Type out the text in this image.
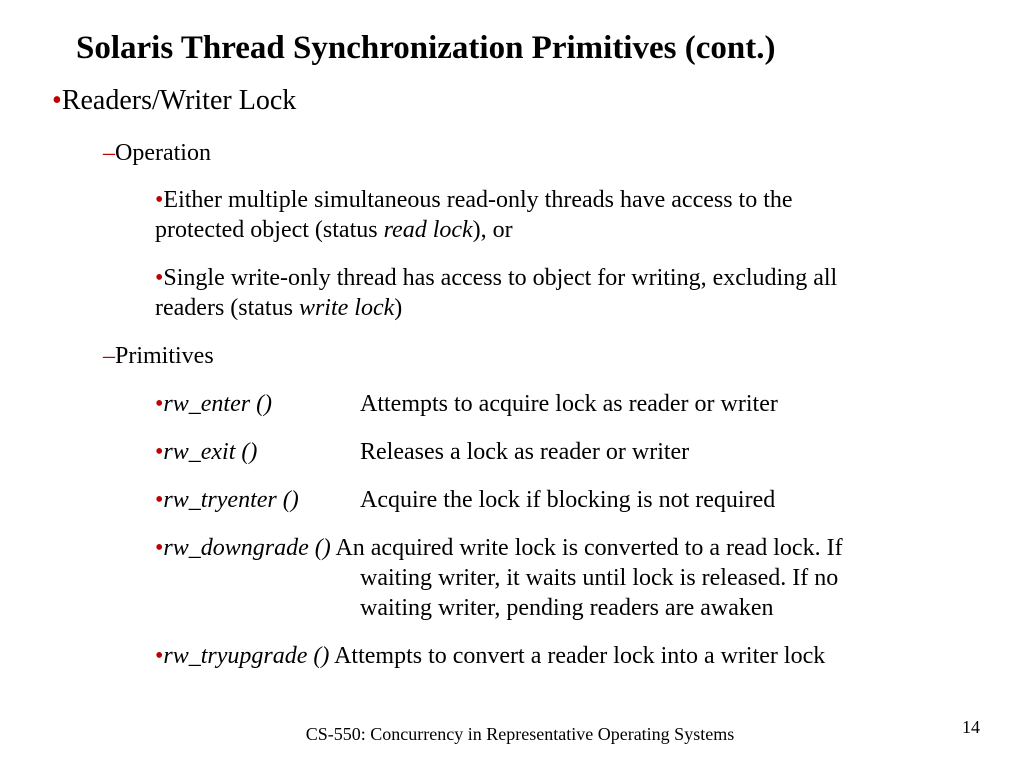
Solaris Thread Synchronization Primitives (cont.)
•Readers/Writer Lock
–Operation
•Either multiple simultaneous read-only threads have access to the
protected object (status read lock), or
•Single write-only thread has access to object for writing, excluding all
readers (status write lock)
–Primitives
•rw_enter ()	Attempts to acquire lock as reader or writer
•rw_exit ()	Releases a lock as reader or writer
•rw_tryenter ()	Acquire the lock if blocking is not required
•rw_downgrade () An acquired write lock is converted to a read lock. If
waiting writer, it waits until lock is released. If no
waiting writer, pending readers are awaken
•rw_tryupgrade () Attempts to convert a reader lock into a writer lock
CS-550: Concurrency in Representative Operating Systems	14
